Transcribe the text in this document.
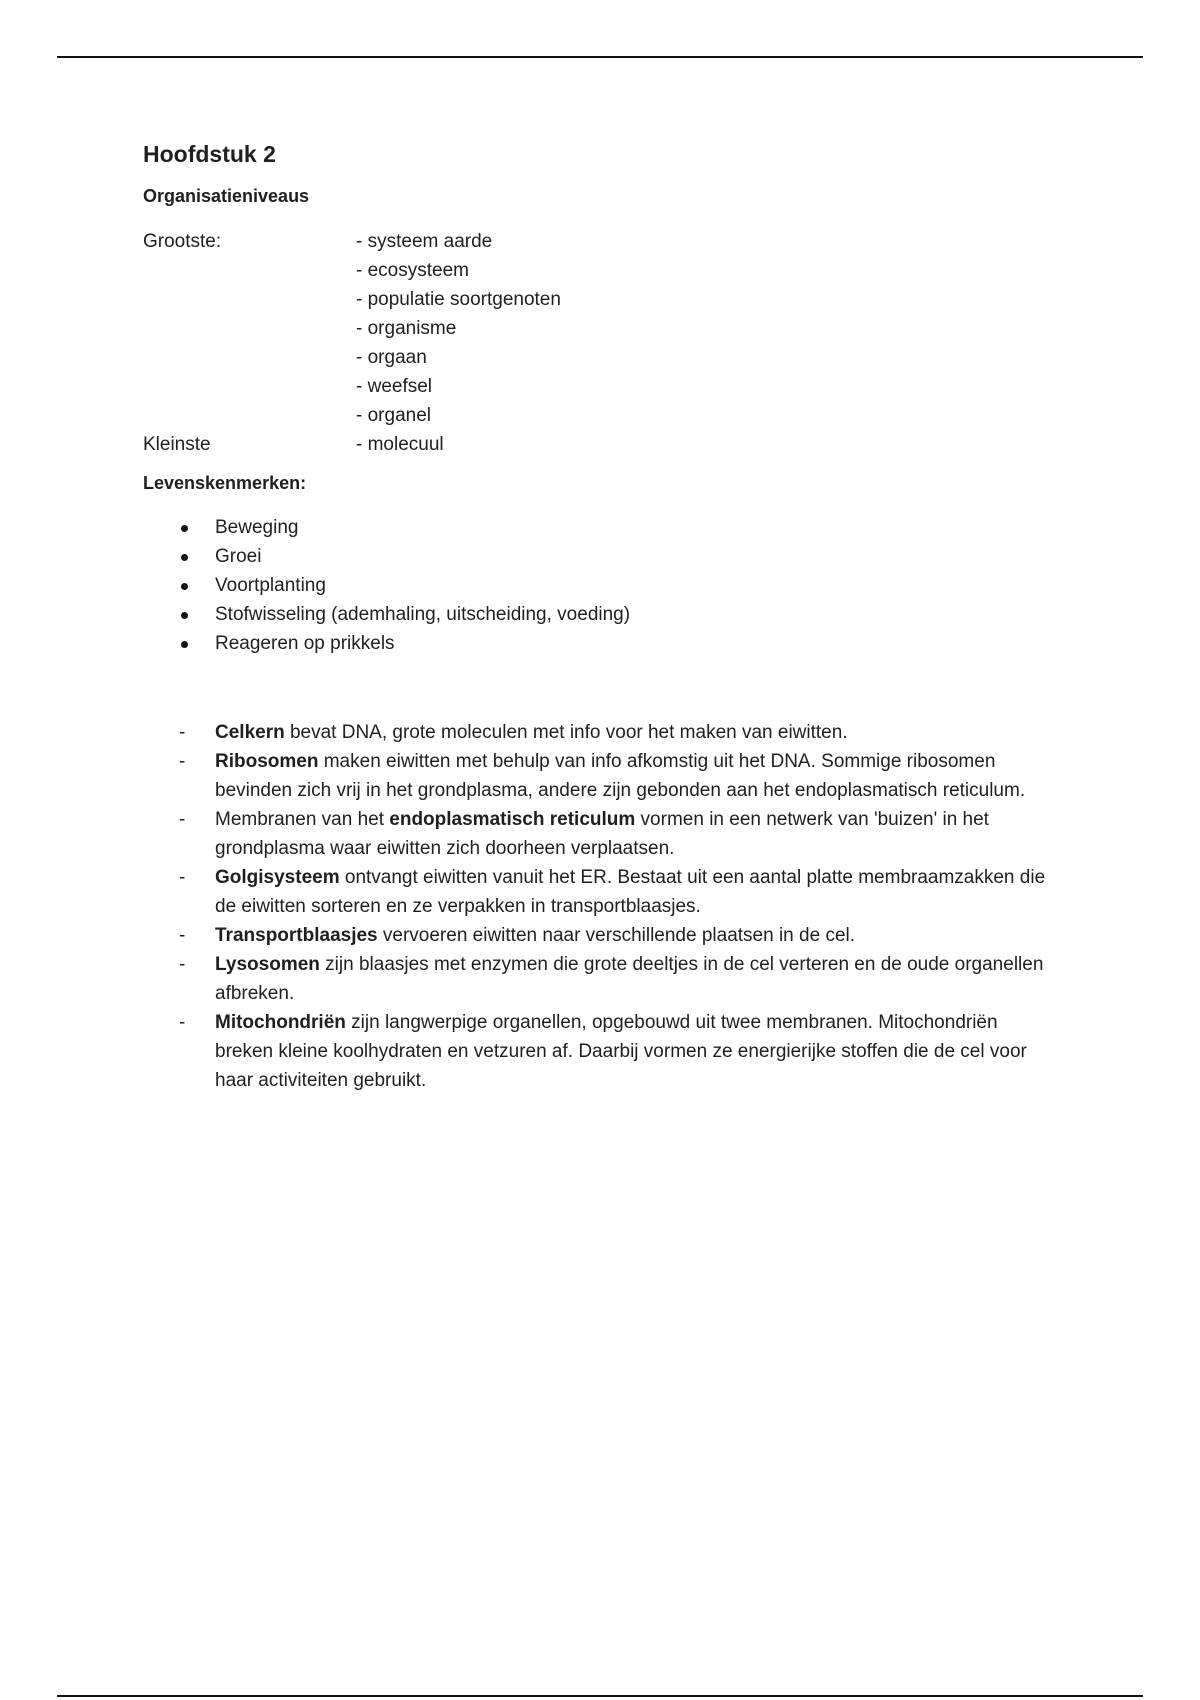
Hoofdstuk 2
Organisatieniveaus
Grootste:	- systeem aarde
- ecosysteem
- populatie soortgenoten
- organisme
- orgaan
- weefsel
- organel
Kleinste	- molecuul
Levenskenmerken:
Beweging
Groei
Voortplanting
Stofwisseling (ademhaling, uitscheiding, voeding)
Reageren op prikkels
- Celkern bevat DNA, grote moleculen met info voor het maken van eiwitten.
- Ribosomen maken eiwitten met behulp van info afkomstig uit het DNA. Sommige ribosomen bevinden zich vrij in het grondplasma, andere zijn gebonden aan het endoplasmatisch reticulum.
- Membranen van het endoplasmatisch reticulum vormen in een netwerk van 'buizen' in het grondplasma waar eiwitten zich doorheen verplaatsen.
- Golgisysteem ontvangt eiwitten vanuit het ER. Bestaat uit een aantal platte membraamzakken die de eiwitten sorteren en ze verpakken in transportblaasjes.
- Transportblaasjes vervoeren eiwitten naar verschillende plaatsen in de cel.
- Lysosomen zijn blaasjes met enzymen die grote deeltjes in de cel verteren en de oude organellen afbreken.
- Mitochondriën zijn langwerpige organellen, opgebouwd uit twee membranen. Mitochondriën breken kleine koolhydraten en vetzuren af. Daarbij vormen ze energierijke stoffen die de cel voor haar activiteiten gebruikt.
